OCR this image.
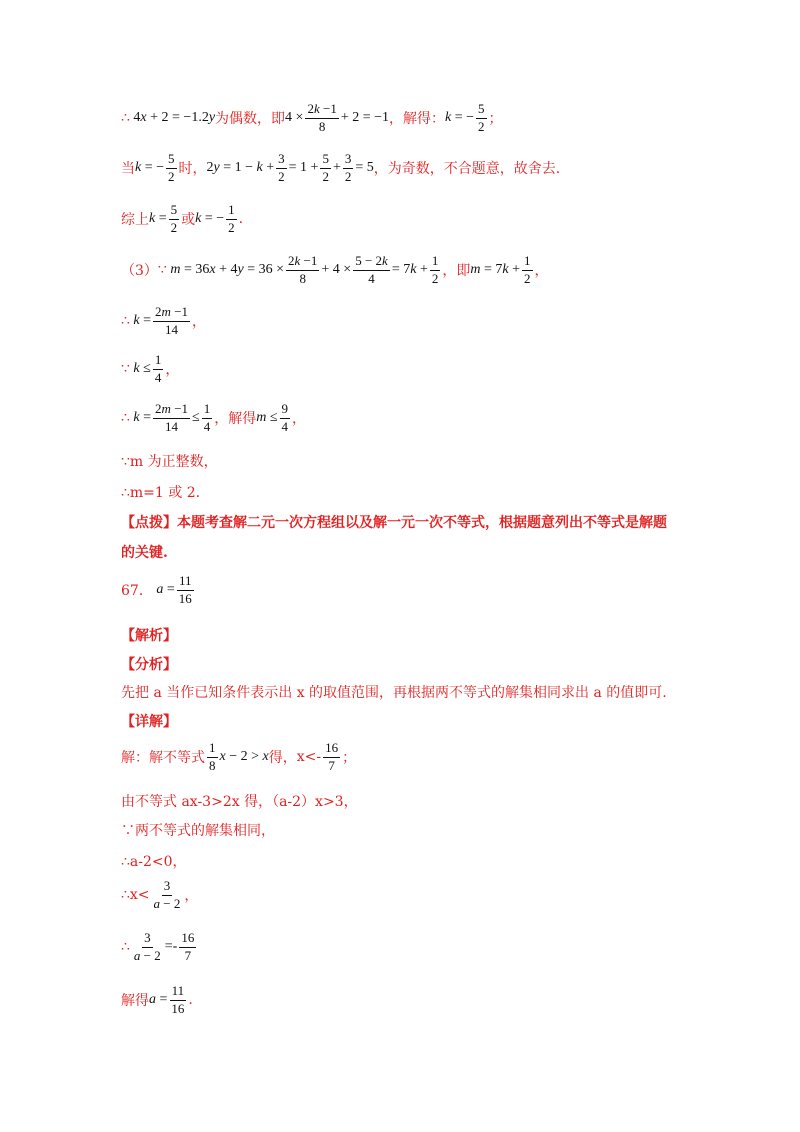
∴ 4x + 2 = −1.2y 为偶数，即 $4 \times \frac{2k -1}{8} + 2 = -1$ ，解得： k = − $\frac{5}{2}$ ；
当 k = − $\frac{5}{2}$ 时， $2y = 1 - k + \frac{3}{2} = 1 + \frac{5}{2} + \frac{3}{2} = 5$ ，为奇数，不合题意，故舍去.
综上 $k = \frac{5}{2}$ 或 k = − $\frac{1}{2}$ .
（3） ∵ $m = 36x + 4y = 36 \times \frac{2k -1}{8} + 4 \times \frac{5 - 2k}{4} = 7k + \frac{1}{2}$ ，即 $m = 7k + \frac{1}{2}$ ，
∴ $k = \frac{2m -1}{14}$ ，
∵ $k \le \frac{1}{4}$ ，
∴ $k = \frac{2m -1}{14} \le \frac{1}{4}$ ，解得 $m \le \frac{9}{4}$ ，
∵m 为正整数，
∴m=1 或 2.
【点拨】 本题考查解二元一次方程组以及解一元一次不等式，根据题意列出不等式是解题
的关键.
67． $a = \frac{11}{16}$
【解析】
【分析】
先把 a 当作已知条件表示出 x 的取值范围，再根据两不等式的解集相同求出 a 的值即可.
【详解】
解：解不等式 $\frac{1}{8}$ x − 2 > x 得， $x<- \frac{16}{7}$ ；
由不等式 ax-3>2x 得，（a-2）x>3，
∵两不等式的解集相同，
∴a-2<0，
∴x< $\frac{3}{a - 2}$ ，
∴ $\frac{3}{a - 2} =- \frac{16}{7}$
解得 $a = \frac{11}{16}$ .
